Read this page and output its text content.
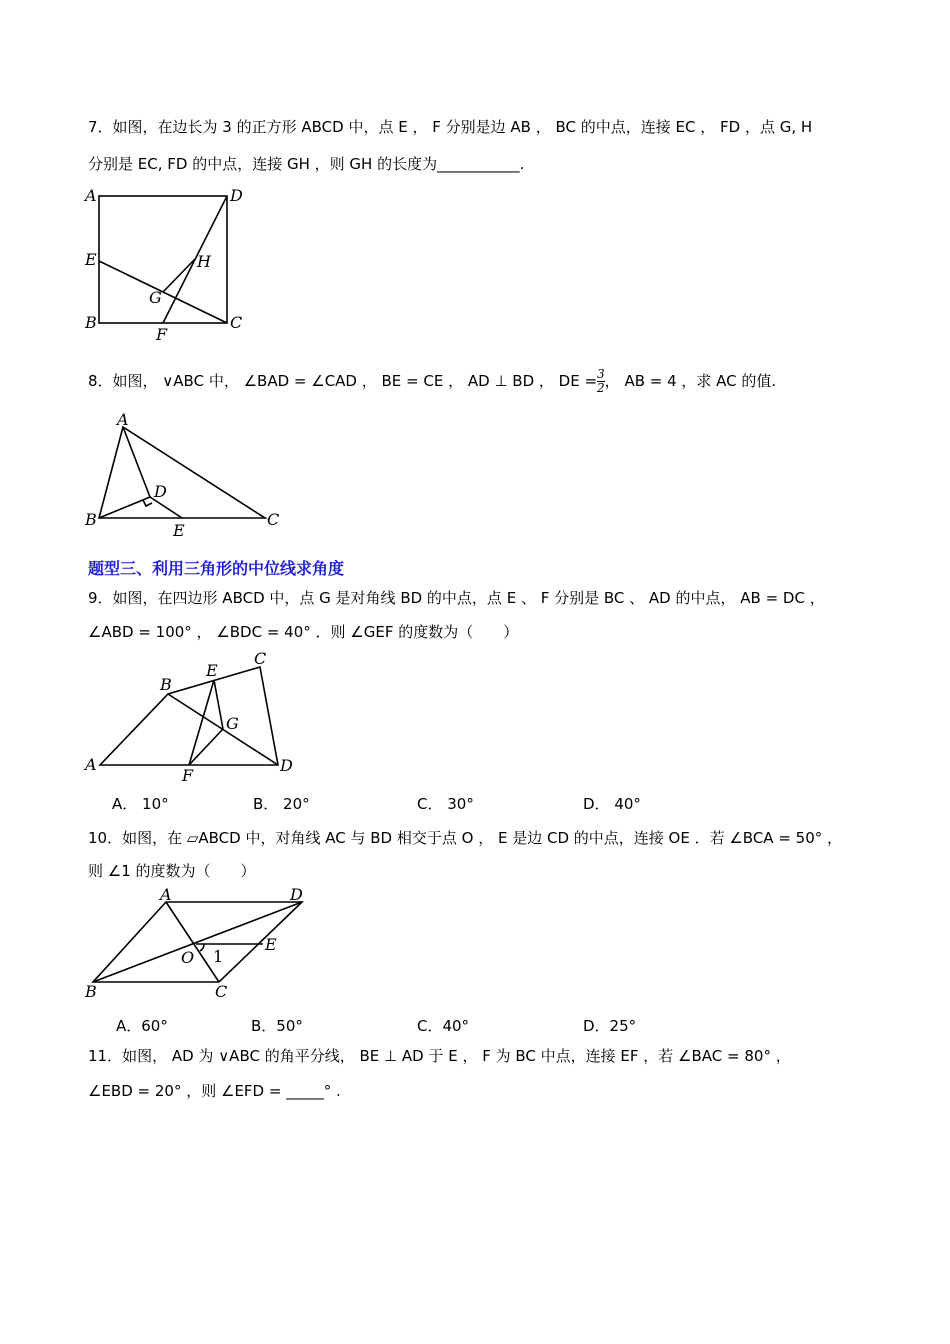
7．如图，在边长为 3 的正方形 ABCD 中，点 E ， F 分别是边 AB ， BC 的中点，连接 EC ， FD ，点 G, H
分别是 EC, FD 的中点，连接 GH ，则 GH 的长度为___________.
A	D
E	H
G
B	C
F
8．如图， ∨ABC 中， ∠BAD = ∠CAD ， BE = CE ， AD ⊥ BD ， DE = $\frac{3}{2}$ ， AB = 4 ，求 AC 的值.
A
D
B
E
C
题型三、利用三角形的中位线求角度
9．如图，在四边形 ABCD 中，点 G 是对角线 BD 的中点，点 E 、 F 分别是 BC 、 AD 的中点， AB = DC ，
∠ABD = 100° ， ∠BDC = 40° ．则 ∠GEF 的度数为（　　）
B
E
C
G
A
F
D
A． 10°	B． 20°	C． 30°	D． 40°
10．如图，在 ▱ABCD 中，对角线 AC 与 BD 相交于点 O ， E 是边 CD 的中点，连接 OE ．若 ∠BCA = 50° ，
则 ∠1 的度数为（　　）
A	D
E
O 1
B	C
A．60°	B．50°	C．40°	D．25°
11．如图， AD 为 ∨ABC 的角平分线， BE ⊥ AD 于 E ， F 为 BC 中点，连接 EF ，若 ∠BAC = 80° ，
∠EBD = 20° ，则 ∠EFD = _____° .
